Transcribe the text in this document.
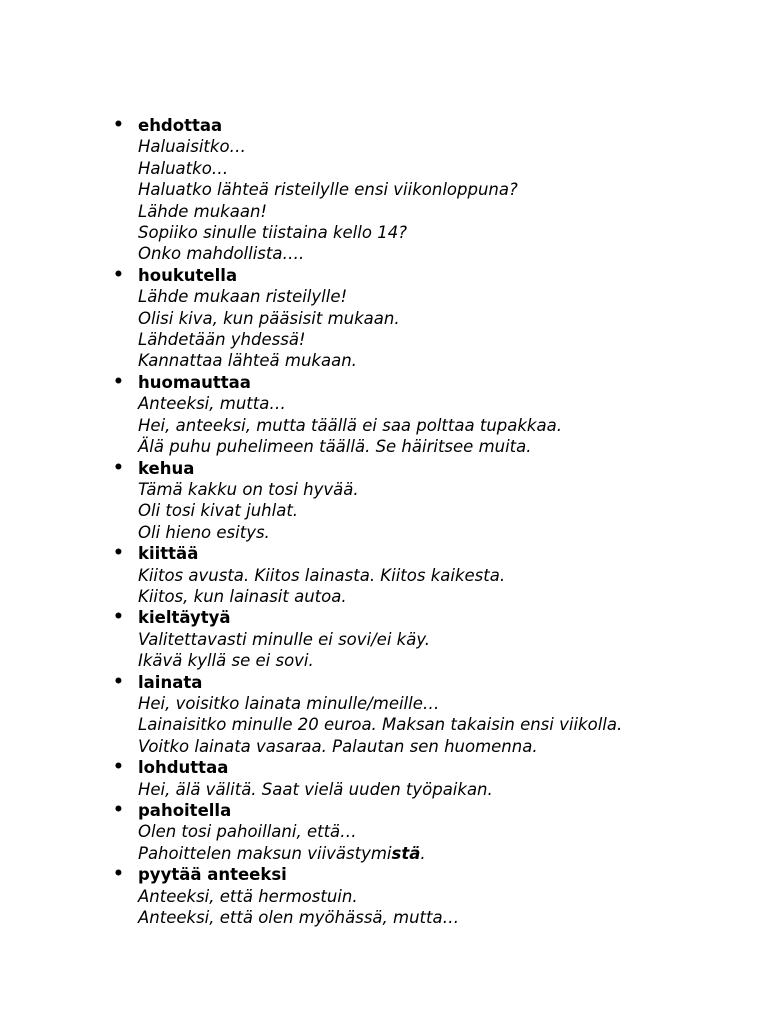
• ehdottaa
Haluaisitko…
Haluatko…
Haluatko lähteä risteilylle ensi viikonloppuna?
Lähde mukaan!
Sopiiko sinulle tiistaina kello 14?
Onko mahdollista….
• houkutella
Lähde mukaan risteilylle!
Olisi kiva, kun pääsisit mukaan.
Lähdetään yhdessä!
Kannattaa lähteä mukaan.
• huomauttaa
Anteeksi, mutta…
Hei, anteeksi, mutta täällä ei saa polttaa tupakkaa.
Älä puhu puhelimeen täällä. Se häiritsee muita.
• kehua
Tämä kakku on tosi hyvää.
Oli tosi kivat juhlat.
Oli hieno esitys.
• kiittää
Kiitos avusta. Kiitos lainasta. Kiitos kaikesta.
Kiitos, kun lainasit autoa.
• kieltäytyä
Valitettavasti minulle ei sovi/ei käy.
Ikävä kyllä se ei sovi.
• lainata
Hei, voisitko lainata minulle/meille…
Lainaisitko minulle 20 euroa. Maksan takaisin ensi viikolla.
Voitko lainata vasaraa. Palautan sen huomenna.
• lohduttaa
Hei, älä välitä. Saat vielä uuden työpaikan.
• pahoitella
Olen tosi pahoillani, että…
Pahoittelen maksun viivästymistä.
• pyytää anteeksi
Anteeksi, että hermostuin.
Anteeksi, että olen myöhässä, mutta…
